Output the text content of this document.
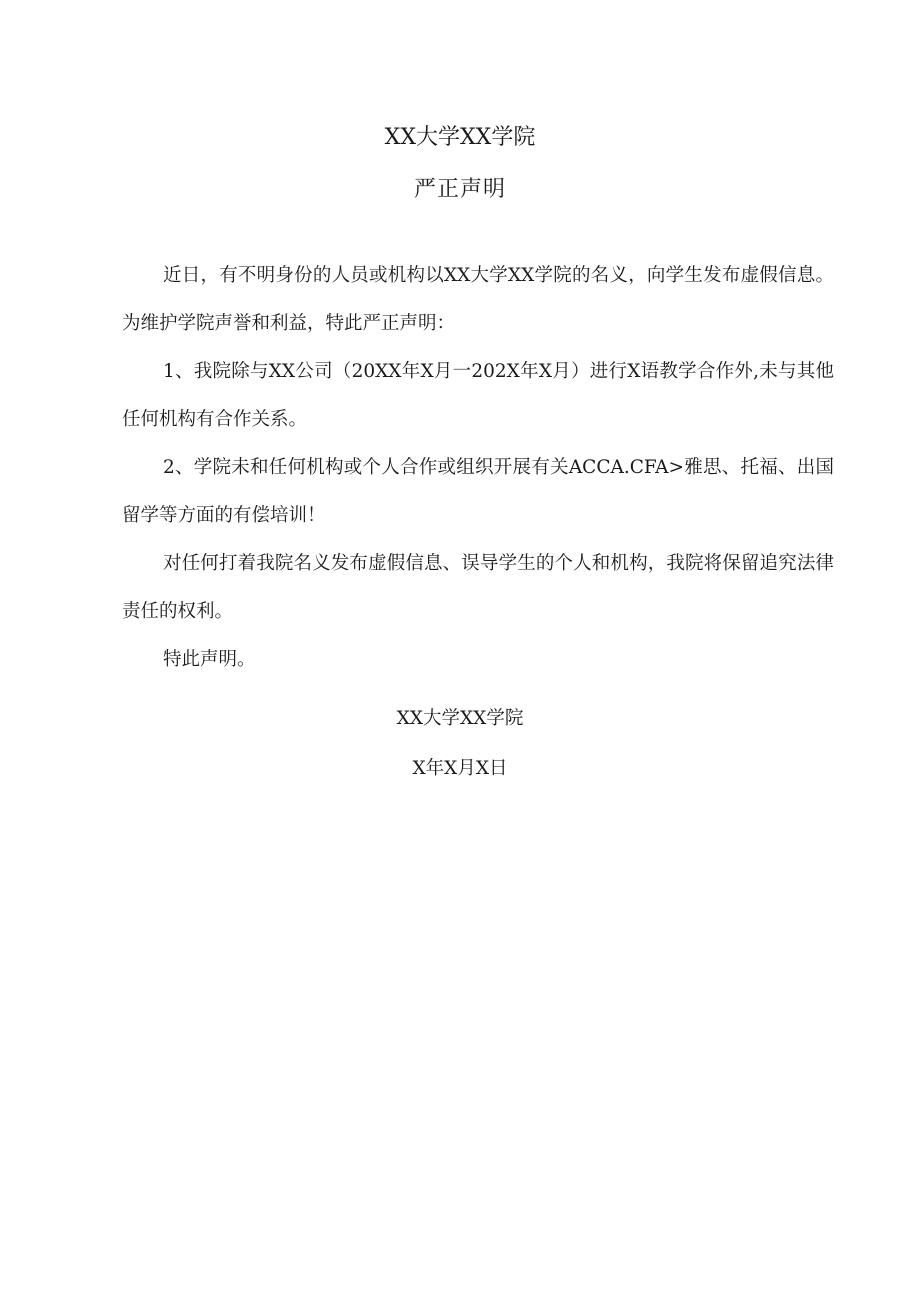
XX大学XX学院
严正声明

近日，有不明身份的人员或机构以XX大学XX学院的名义，向学生发布虚假信息。为维护学院声誉和利益，特此严正声明：

1、我院除与XX公司（20XX年X月一202X年X月）进行X语教学合作外,未与其他任何机构有合作关系。

2、学院未和任何机构或个人合作或组织开展有关ACCA.CFA>雅思、托福、出国留学等方面的有偿培训！

对任何打着我院名义发布虚假信息、误导学生的个人和机构，我院将保留追究法律责任的权利。

特此声明。

XX大学XX学院
X年X月X日
